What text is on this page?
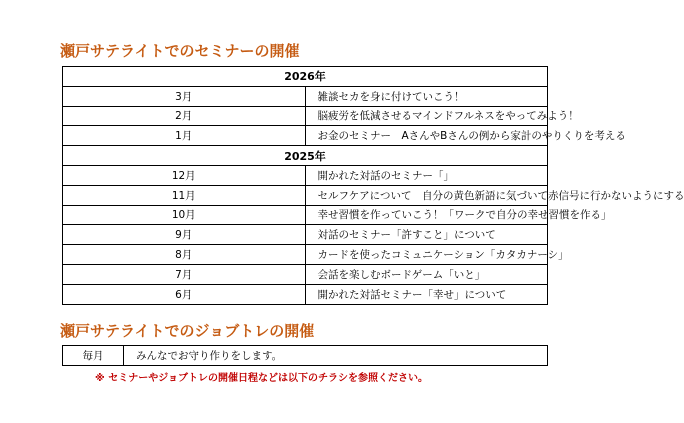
瀬戸サテライトでのセミナーの開催
2026年	
3月	雑談セカを身に付けていこう！
2月	脳疲労を低減させるマインドフルネスをやってみよう！
1月	お金のセミナー　AさんやBさんの例から家計のやりくりを考える
2025年	
12月	開かれた対話のセミナー「」
11月	セルフケアについて　自分の黄色新語に気づいて赤信号に行かないようにする
10月	幸せ習慣を作っていこう！「ワークで自分の幸せ習慣を作る」
9月	対話のセミナー「許すこと」について
8月	カードを使ったコミュニケーション「カタカナーシ」
7月	会話を楽しむボードゲーム「いと」
6月	開かれた対話セミナー「幸せ」について
瀬戸サテライトでのジョブトレの開催
毎月	みんなでお守り作りをします。
※ セミナーやジョブトレの開催日程などは以下のチラシを参照ください。
